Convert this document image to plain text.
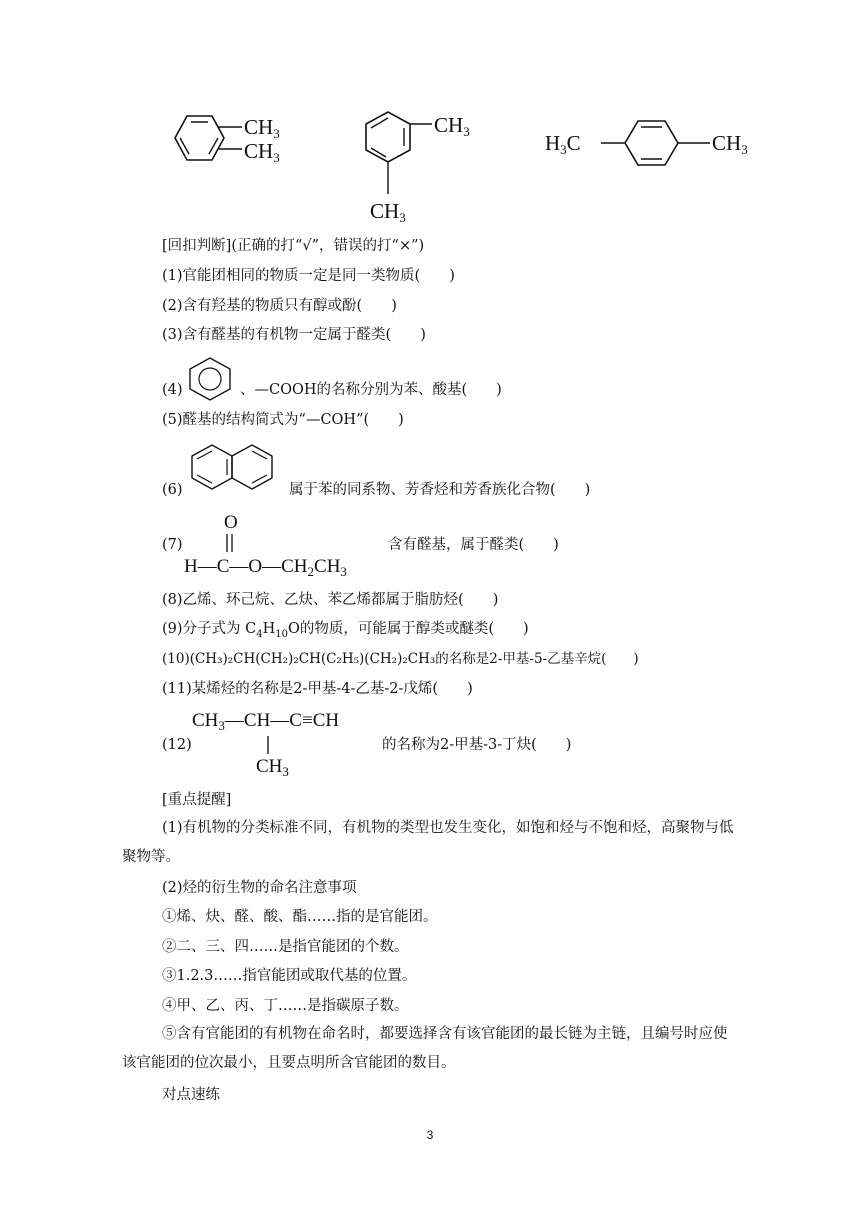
CH3
CH3
CH3
CH3
H3C	CH3
[回扣判断](正确的打“√”，错误的打“×”)
(1)官能团相同的物质一定是同一类物质(　　)
(2)含有羟基的物质只有醇或酚(　　)
(3)含有醛基的有机物一定属于醛类(　　)
(4)	、—COOH的名称分别为苯、酸基(　　)
(5)醛基的结构简式为“—COH”(　　)
(6)	属于苯的同系物、芳香烃和芳香族化合物(　　)
(7)
O
$H—C—O—CH_2CH_3$
含有醛基，属于醛类(　　)
(8)乙烯、环己烷、乙炔、苯乙烯都属于脂肪烃(　　)
(9)分子式为 $C_4H_{10}O$的物质，可能属于醇类或醚类(　　)
(10)(CH₃)₂CH(CH₂)₂CH(C₂H₅)(CH₂)₂CH₃的名称是2-甲基-5-乙基辛烷(　　)
(11)某烯烃的名称是2-甲基-4-乙基-2-戊烯(　　)
(12)
$CH_3—CH—C\equiv CH$
$CH_3$
的名称为2-甲基-3-丁炔(　　)
[重点提醒]
(1)有机物的分类标准不同，有机物的类型也发生变化，如饱和烃与不饱和烃，高聚物与低聚物等。
(2)烃的衍生物的命名注意事项
①烯、炔、醛、酸、酯……指的是官能团。
②二、三、四……是指官能团的个数。
③1.2.3……指官能团或取代基的位置。
④甲、乙、丙、丁……是指碳原子数。
⑤含有官能团的有机物在命名时，都要选择含有该官能团的最长链为主链，且编号时应使该官能团的位次最小，且要点明所含官能团的数目。
对点速练
3
